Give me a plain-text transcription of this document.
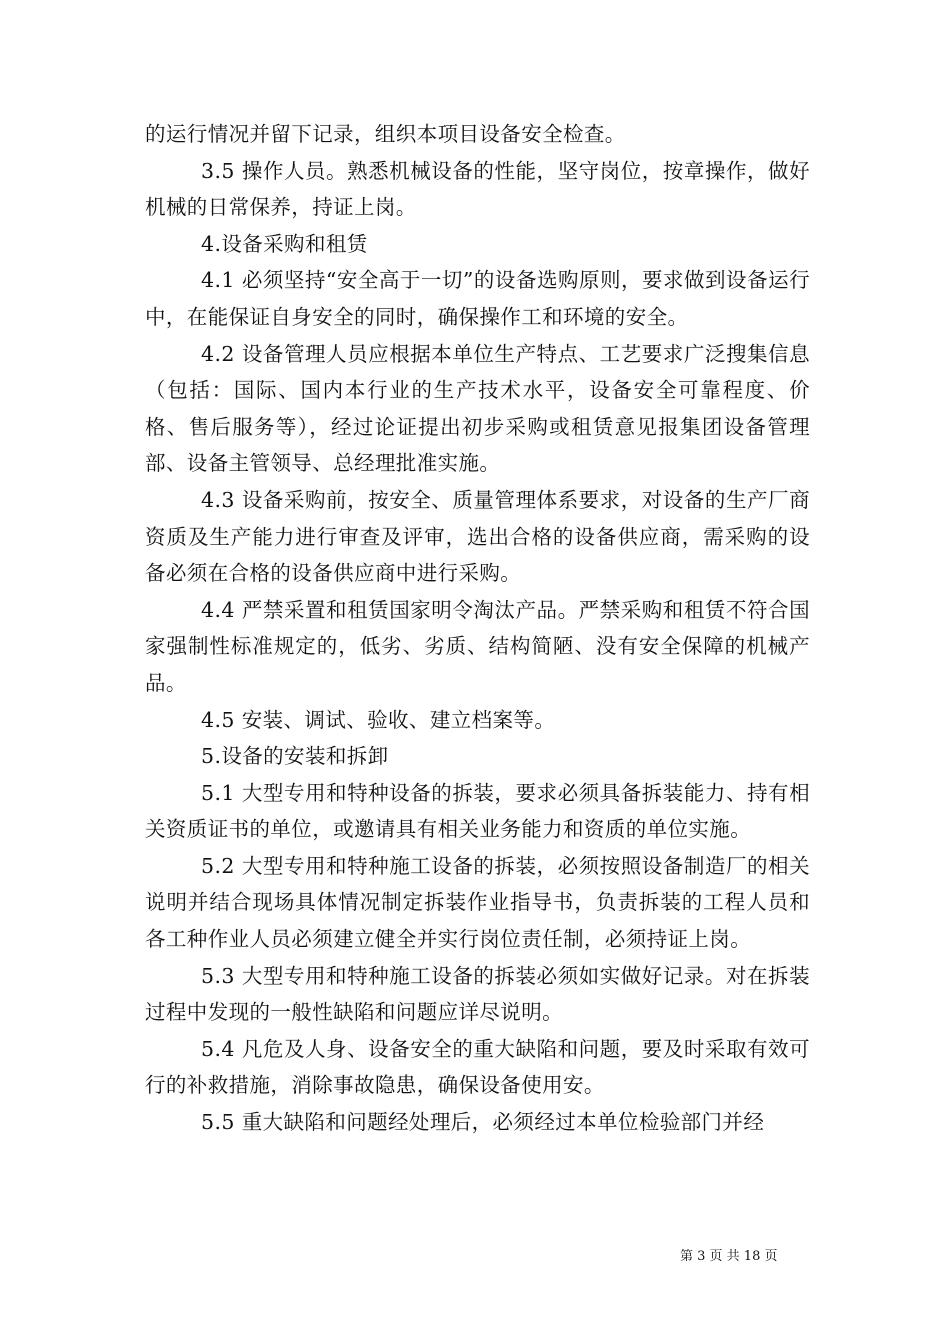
的运行情况并留下记录，组织本项目设备安全检查。

3.5 操作人员。熟悉机械设备的性能，坚守岗位，按章操作，做好机械的日常保养，持证上岗。

4.设备采购和租赁

4.1 必须坚持“安全高于一切”的设备选购原则，要求做到设备运行中，在能保证自身安全的同时，确保操作工和环境的安全。

4.2 设备管理人员应根据本单位生产特点、工艺要求广泛搜集信息（包括：国际、国内本行业的生产技术水平，设备安全可靠程度、价格、售后服务等），经过论证提出初步采购或租赁意见报集团设备管理部、设备主管领导、总经理批准实施。

4.3 设备采购前，按安全、质量管理体系要求，对设备的生产厂商资质及生产能力进行审查及评审，选出合格的设备供应商，需采购的设备必须在合格的设备供应商中进行采购。

4.4 严禁采置和租赁国家明令淘汰产品。严禁采购和租赁不符合国家强制性标准规定的，低劣、劣质、结构简陋、没有安全保障的机械产品。

4.5 安装、调试、验收、建立档案等。

5.设备的安装和拆卸

5.1 大型专用和特种设备的拆装，要求必须具备拆装能力、持有相关资质证书的单位，或邀请具有相关业务能力和资质的单位实施。

5.2 大型专用和特种施工设备的拆装，必须按照设备制造厂的相关说明并结合现场具体情况制定拆装作业指导书，负责拆装的工程人员和各工种作业人员必须建立健全并实行岗位责任制，必须持证上岗。

5.3 大型专用和特种施工设备的拆装必须如实做好记录。对在拆装过程中发现的一般性缺陷和问题应详尽说明。

5.4 凡危及人身、设备安全的重大缺陷和问题，要及时采取有效可行的补救措施，消除事故隐患，确保设备使用安。

5.5 重大缺陷和问题经处理后，必须经过本单位检验部门并经

第 3 页 共 18 页
